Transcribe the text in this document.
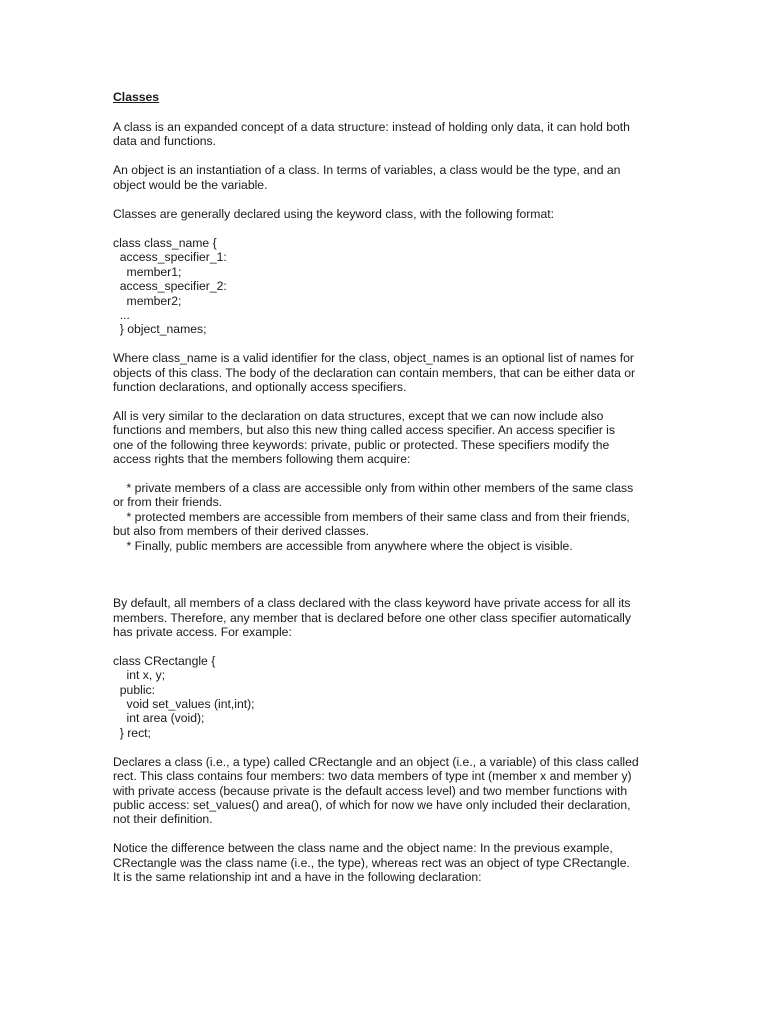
Classes
A class is an expanded concept of a data structure: instead of holding only data, it can hold both
data and functions.
An object is an instantiation of a class. In terms of variables, a class would be the type, and an
object would be the variable.
Classes are generally declared using the keyword class, with the following format:
class class_name {
access_specifier_1:
member1;
access_specifier_2:
member2;
...
} object_names;
Where class_name is a valid identifier for the class, object_names is an optional list of names for
objects of this class. The body of the declaration can contain members, that can be either data or
function declarations, and optionally access specifiers.
All is very similar to the declaration on data structures, except that we can now include also
functions and members, but also this new thing called access specifier. An access specifier is
one of the following three keywords: private, public or protected. These specifiers modify the
access rights that the members following them acquire:
* private members of a class are accessible only from within other members of the same class
or from their friends.
* protected members are accessible from members of their same class and from their friends,
but also from members of their derived classes.
* Finally, public members are accessible from anywhere where the object is visible.
By default, all members of a class declared with the class keyword have private access for all its
members. Therefore, any member that is declared before one other class specifier automatically
has private access. For example:
class CRectangle {
int x, y;
public:
void set_values (int,int);
int area (void);
} rect;
Declares a class (i.e., a type) called CRectangle and an object (i.e., a variable) of this class called
rect. This class contains four members: two data members of type int (member x and member y)
with private access (because private is the default access level) and two member functions with
public access: set_values() and area(), of which for now we have only included their declaration,
not their definition.
Notice the difference between the class name and the object name: In the previous example,
CRectangle was the class name (i.e., the type), whereas rect was an object of type CRectangle.
It is the same relationship int and a have in the following declaration:
